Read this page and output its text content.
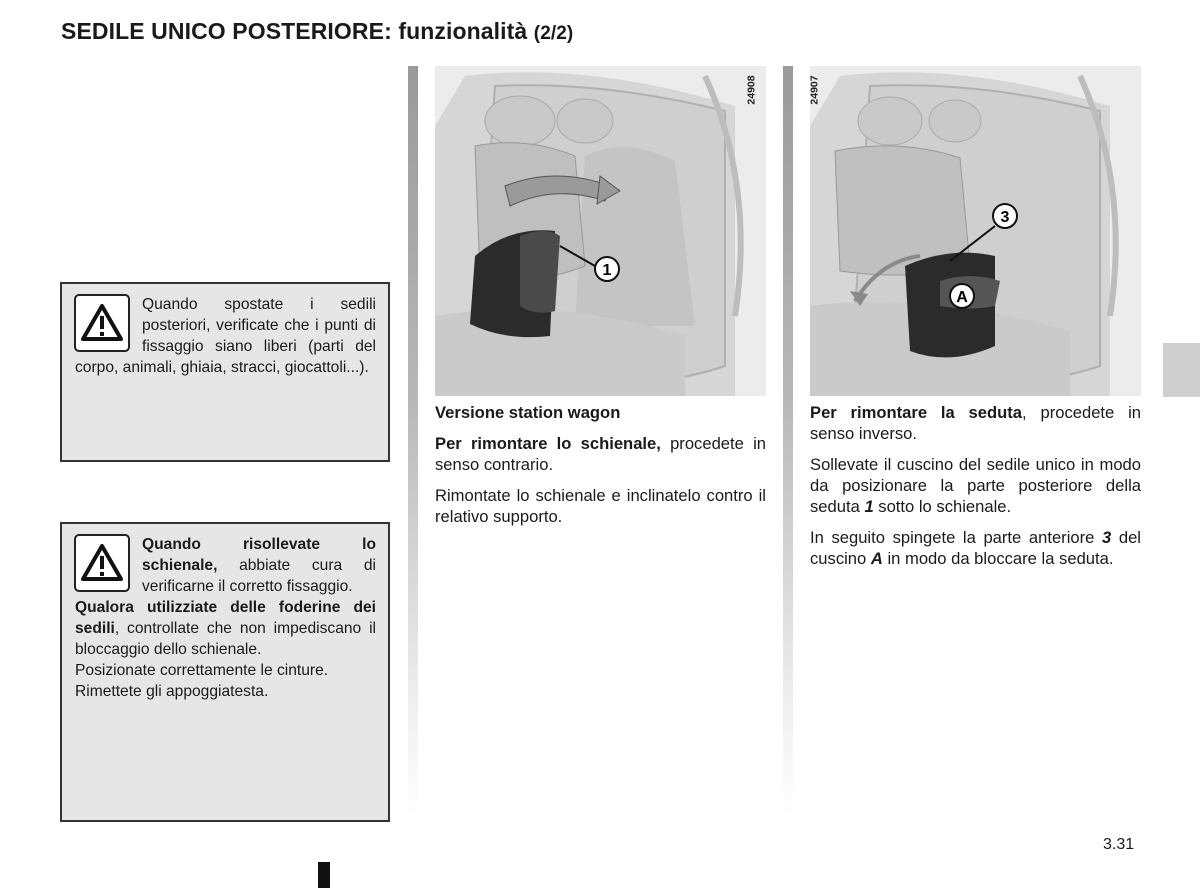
SEDILE UNICO POSTERIORE: funzionalità (2/2)

Quando spostate i sedili posteriori, verificate che i punti di fissaggio siano liberi (parti del corpo, animali, ghiaia, stracci, giocattoli...).

Quando risollevate lo schienale, abbiate cura di verificarne il corretto fissaggio.

Qualora utilizziate delle foderine dei sedili, controllate che non impediscano il bloccaggio dello schienale.

Posizionate correttamente le cinture.

Rimettete gli appoggiatesta.

1
24908
3
A
24907

Versione station wagon

Per rimontare lo schienale, procedete in senso contrario.

Rimontate lo schienale e inclinatelo contro il relativo supporto.

Per rimontare la seduta, procedete in senso inverso.

Sollevate il cuscino del sedile unico in modo da posizionare la parte posteriore della seduta 1 sotto lo schienale.

In seguito spingete la parte anteriore 3 del cuscino A in modo da bloccare la seduta.

3.31
